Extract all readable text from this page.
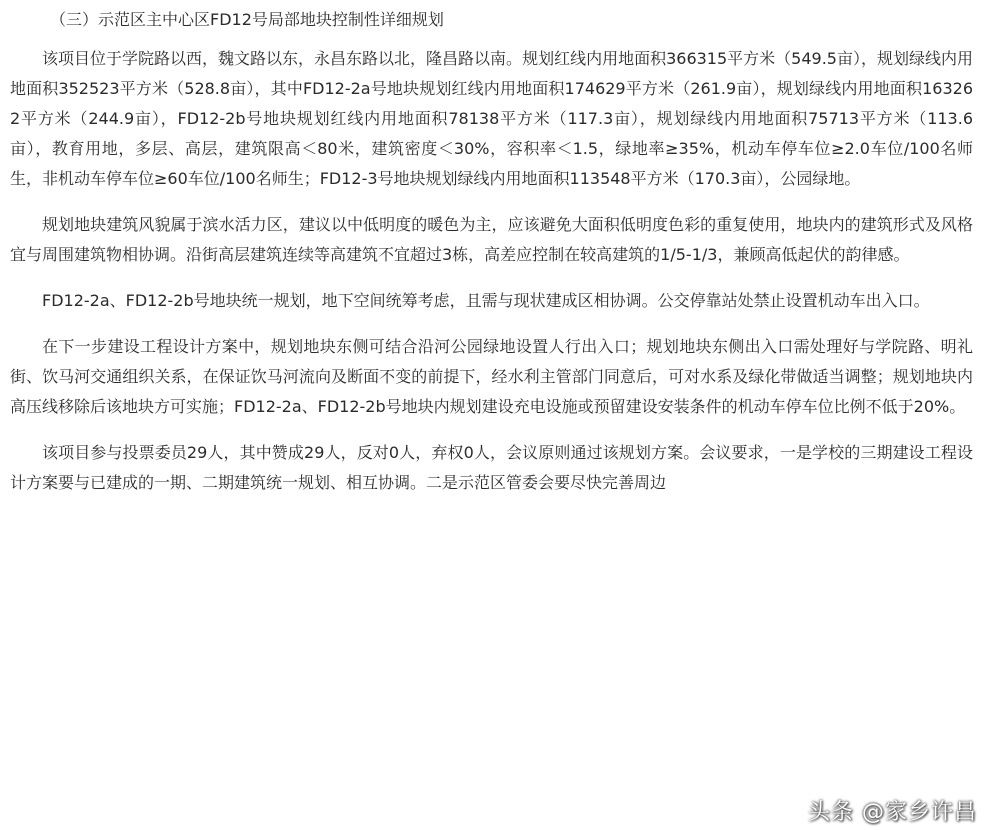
（三）示范区主中心区FD12号局部地块控制性详细规划

该项目位于学院路以西，魏文路以东，永昌东路以北，隆昌路以南。规划红线内用地面积366315平方米（549.5亩），规划绿线内用地面积352523平方米（528.8亩），其中FD12-2a号地块规划红线内用地面积174629平方米（261.9亩），规划绿线内用地面积163262平方米（244.9亩），FD12-2b号地块规划红线内用地面积78138平方米（117.3亩），规划绿线内用地面积75713平方米（113.6亩），教育用地，多层、高层，建筑限高＜80米，建筑密度＜30%，容积率＜1.5，绿地率≥35%，机动车停车位≥2.0车位/100名师生，非机动车停车位≥60车位/100名师生；FD12-3号地块规划绿线内用地面积113548平方米（170.3亩），公园绿地。

规划地块建筑风貌属于滨水活力区，建议以中低明度的暖色为主，应该避免大面积低明度色彩的重复使用，地块内的建筑形式及风格宜与周围建筑物相协调。沿街高层建筑连续等高建筑不宜超过3栋，高差应控制在较高建筑的1/5-1/3，兼顾高低起伏的韵律感。

FD12-2a、FD12-2b号地块统一规划，地下空间统筹考虑，且需与现状建成区相协调。公交停靠站处禁止设置机动车出入口。

在下一步建设工程设计方案中，规划地块东侧可结合沿河公园绿地设置人行出入口；规划地块东侧出入口需处理好与学院路、明礼街、饮马河交通组织关系，在保证饮马河流向及断面不变的前提下，经水利主管部门同意后，可对水系及绿化带做适当调整；规划地块内高压线移除后该地块方可实施；FD12-2a、FD12-2b号地块内规划建设充电设施或预留建设安装条件的机动车停车位比例不低于20%。

该项目参与投票委员29人，其中赞成29人，反对0人，弃权0人，会议原则通过该规划方案。会议要求，一是学校的三期建设工程设计方案要与已建成的一期、二期建筑统一规划、相互协调。二是示范区管委会要尽快完善周边

头条 @家乡许昌
